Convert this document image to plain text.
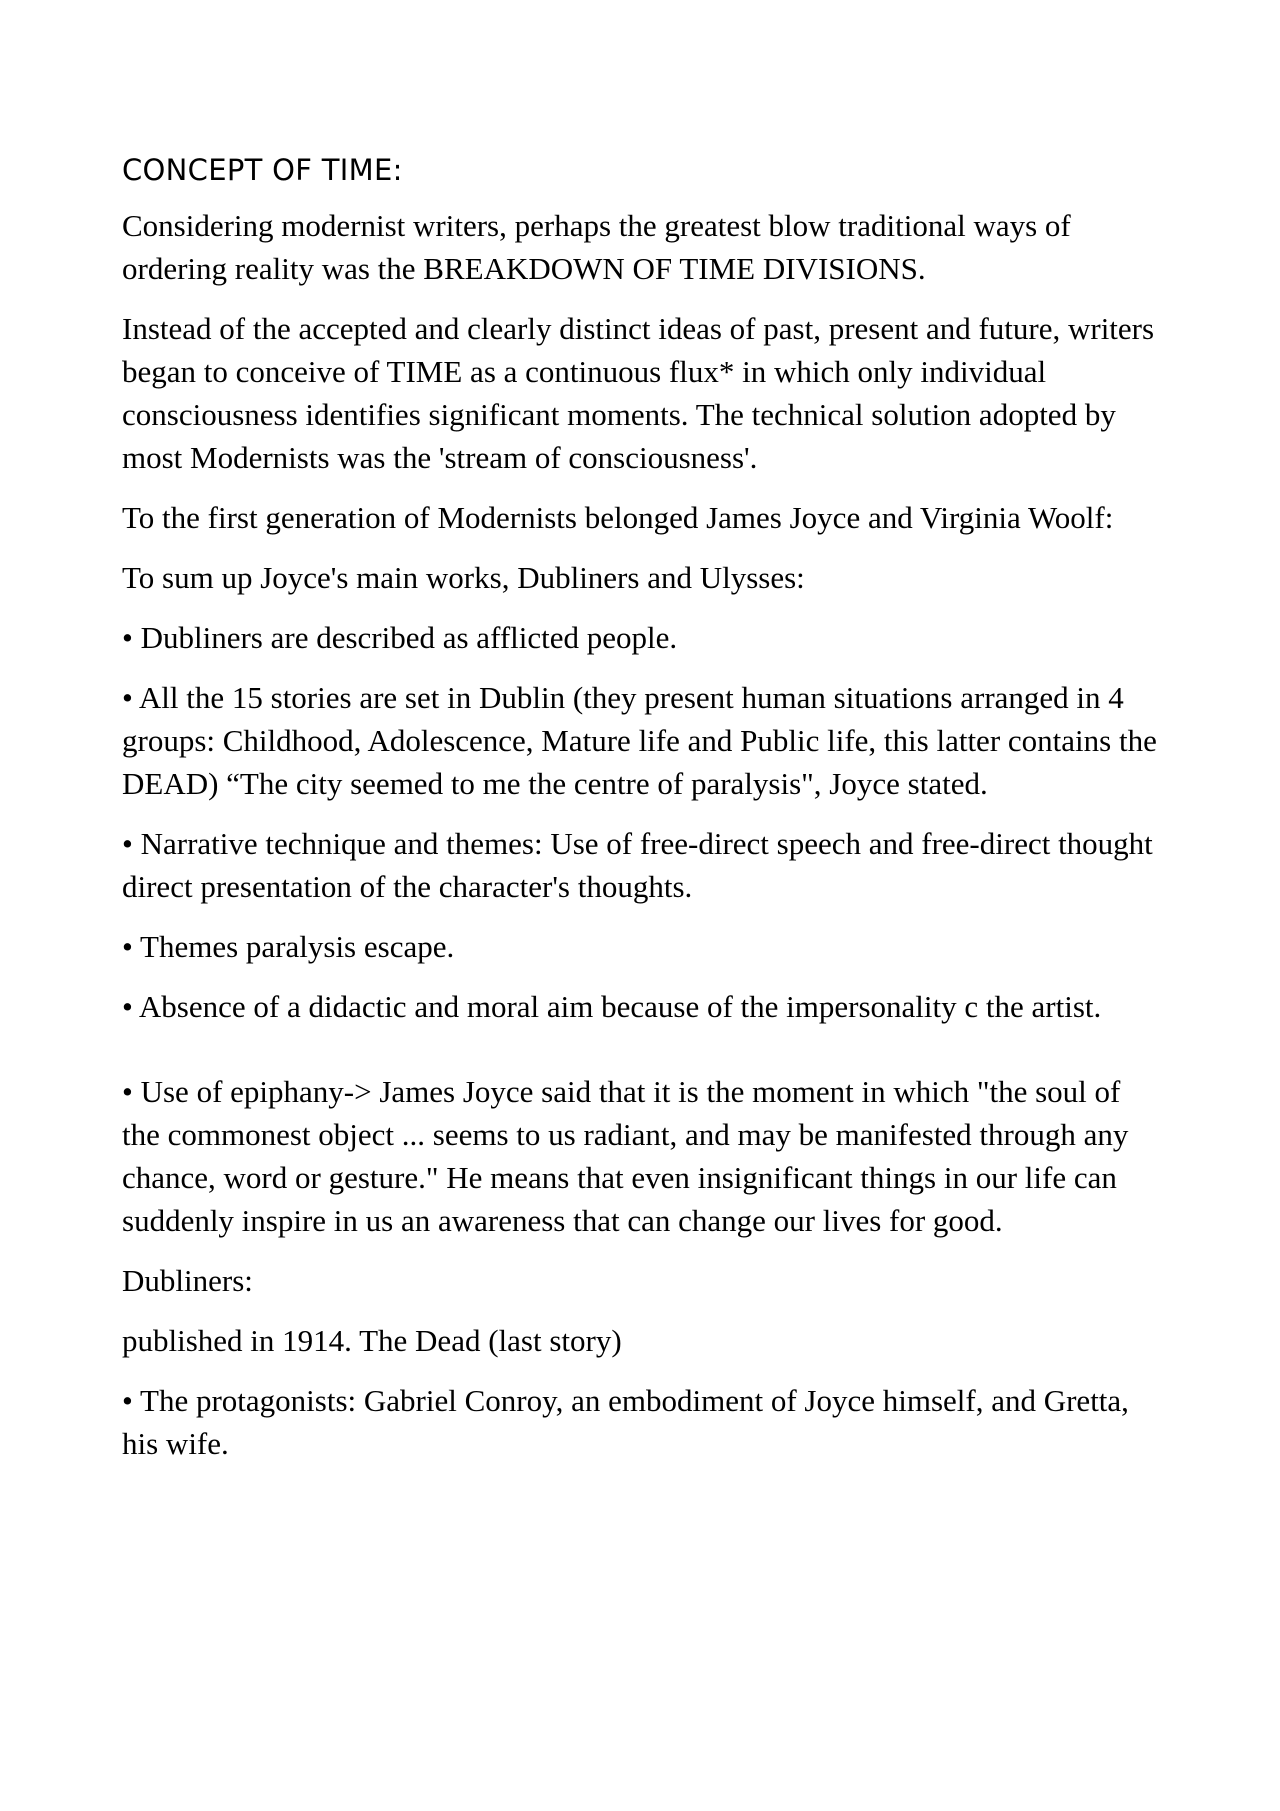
CONCEPT OF TIME:

Considering modernist writers, perhaps the greatest blow traditional ways of ordering reality was the BREAKDOWN OF TIME DIVISIONS.

Instead of the accepted and clearly distinct ideas of past, present and future, writers began to conceive of TIME as a continuous flux* in which only individual consciousness identifies significant moments. The technical solution adopted by most Modernists was the 'stream of consciousness'.

To the first generation of Modernists belonged James Joyce and Virginia Woolf:

To sum up Joyce's main works, Dubliners and Ulysses:

• Dubliners are described as afflicted people.

• All the 15 stories are set in Dublin (they present human situations arranged in 4 groups: Childhood, Adolescence, Mature life and Public life, this latter contains the DEAD) “The city seemed to me the centre of paralysis", Joyce stated.

• Narrative technique and themes: Use of free-direct speech and free-direct thought direct presentation of the character's thoughts.

• Themes paralysis escape.

• Absence of a didactic and moral aim because of the impersonality c the artist.

• Use of epiphany-> James Joyce said that it is the moment in which "the soul of the commonest object ... seems to us radiant, and may be manifested through any chance, word or gesture." He means that even insignificant things in our life can suddenly inspire in us an awareness that can change our lives for good.

Dubliners:

published in 1914. The Dead (last story)

• The protagonists: Gabriel Conroy, an embodiment of Joyce himself, and Gretta, his wife.
